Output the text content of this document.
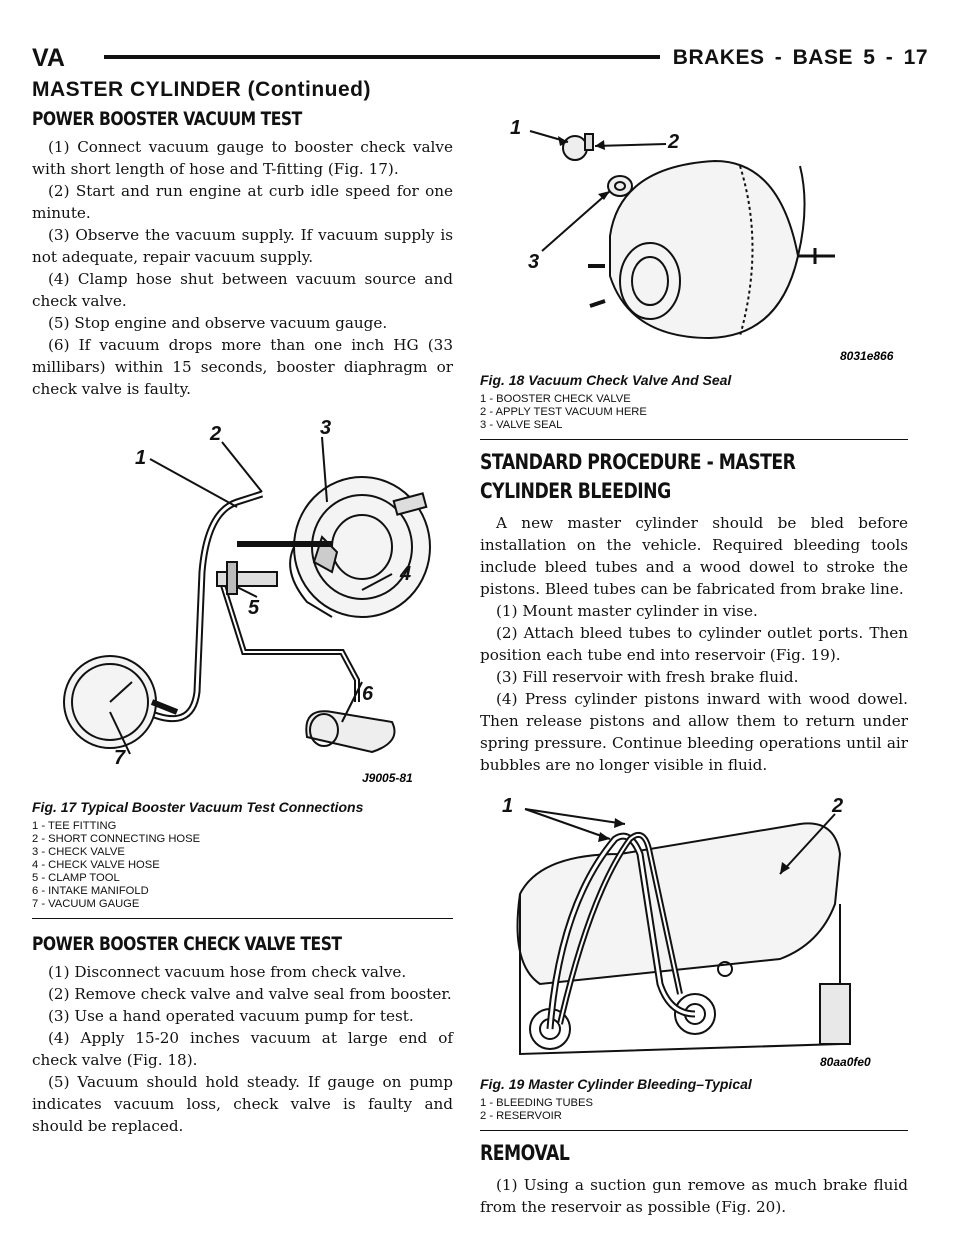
VA	BRAKES - BASE 5 - 17
MASTER CYLINDER (Continued)
POWER BOOSTER VACUUM TEST

(1) Connect vacuum gauge to booster check valve with short length of hose and T-fitting (Fig. 17).

(2) Start and run engine at curb idle speed for one minute.

(3) Observe the vacuum supply. If vacuum supply is not adequate, repair vacuum supply.

(4) Clamp hose shut between vacuum source and check valve.

(5) Stop engine and observe vacuum gauge.

(6) If vacuum drops more than one inch HG (33 millibars) within 15 seconds, booster diaphragm or check valve is faulty.

1
2	3
4
5
6
7
J9005-81
Fig. 17 Typical Booster Vacuum Test Connections
1 - TEE FITTING
2 - SHORT CONNECTING HOSE
3 - CHECK VALVE
4 - CHECK VALVE HOSE
5 - CLAMP TOOL
6 - INTAKE MANIFOLD
7 - VACUUM GAUGE
POWER BOOSTER CHECK VALVE TEST

(1) Disconnect vacuum hose from check valve.

(2) Remove check valve and valve seal from booster.

(3) Use a hand operated vacuum pump for test.

(4) Apply 15-20 inches vacuum at large end of check valve (Fig. 18).

(5) Vacuum should hold steady. If gauge on pump indicates vacuum loss, check valve is faulty and should be replaced.

1
2
3
8031e866
Fig. 18 Vacuum Check Valve And Seal
1 - BOOSTER CHECK VALVE
2 - APPLY TEST VACUUM HERE
3 - VALVE SEAL
STANDARD PROCEDURE - MASTER CYLINDER BLEEDING

A new master cylinder should be bled before installation on the vehicle. Required bleeding tools include bleed tubes and a wood dowel to stroke the pistons. Bleed tubes can be fabricated from brake line.

(1) Mount master cylinder in vise.

(2) Attach bleed tubes to cylinder outlet ports. Then position each tube end into reservoir (Fig. 19).

(3) Fill reservoir with fresh brake fluid.

(4) Press cylinder pistons inward with wood dowel. Then release pistons and allow them to return under spring pressure. Continue bleeding operations until air bubbles are no longer visible in fluid.

1	2
80aa0fe0
Fig. 19 Master Cylinder Bleeding–Typical
1 - BLEEDING TUBES
2 - RESERVOIR
REMOVAL

(1) Using a suction gun remove as much brake fluid from the reservoir as possible (Fig. 20).
